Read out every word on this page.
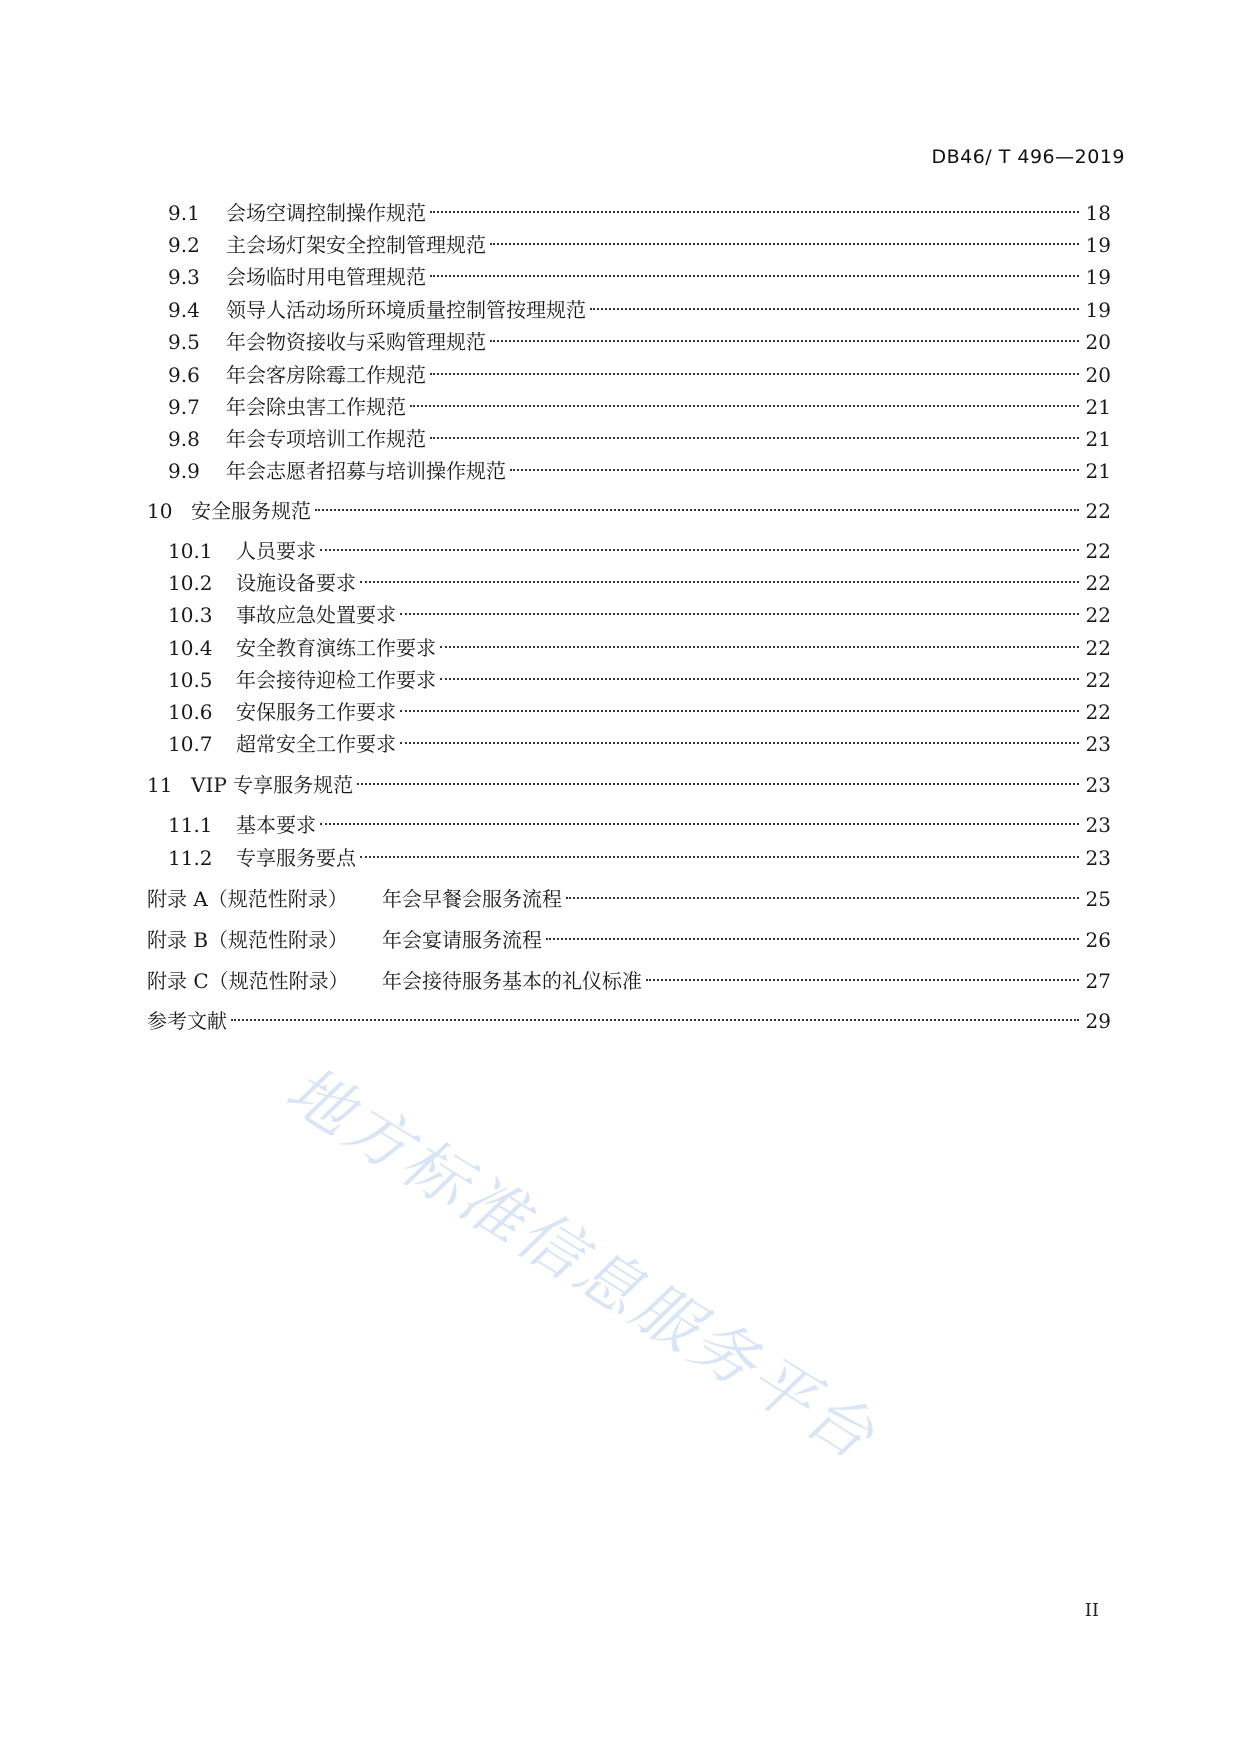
DB46/ T 496—2019
9.1	会场空调控制操作规范	18
9.2	主会场灯架安全控制管理规范	19
9.3	会场临时用电管理规范	19
9.4	领导人活动场所环境质量控制管按理规范	19
9.5	年会物资接收与采购管理规范	20
9.6	年会客房除霉工作规范	20
9.7	年会除虫害工作规范	21
9.8	年会专项培训工作规范	21
9.9	年会志愿者招募与培训操作规范	21
10 安全服务规范	22
10.1	人员要求	22
10.2	设施设备要求	22
10.3	事故应急处置要求	22
10.4	安全教育演练工作要求	22
10.5	年会接待迎检工作要求	22
10.6	安保服务工作要求	22
10.7	超常安全工作要求	23
11 VIP 专享服务规范	23
11.1	基本要求	23
11.2	专享服务要点	23
附录 A（规范性附录）	年会早餐会服务流程	25
附录 B（规范性附录）	年会宴请服务流程	26
附录 C（规范性附录）	年会接待服务基本的礼仪标准	27
参考文献	29
地方标准信息服务平台
II
